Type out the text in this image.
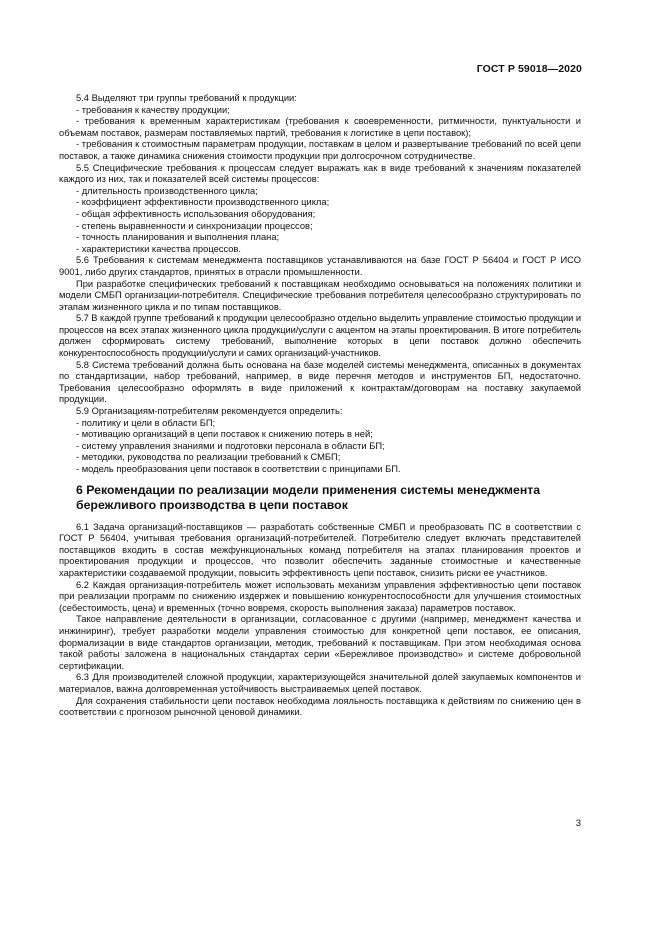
ГОСТ Р 59018—2020

5.4 Выделяют три группы требований к продукции:

- требования к качеству продукции;

- требования к временным характеристикам (требования к своевременности, ритмичности, пунктуальности и объемам поставок, размерам поставляемых партий, требования к логистике в цепи поставок);

- требования к стоимостным параметрам продукции, поставкам в целом и развертывание требований по всей цепи поставок, а также динамика снижения стоимости продукции при долгосрочном сотрудничестве.

5.5 Специфические требования к процессам следует выражать как в виде требований к значениям показателей каждого из них, так и показателей всей системы процессов:

- длительность производственного цикла;

- коэффициент эффективности производственного цикла;

- общая эффективность использования оборудования;

- степень выравненности и синхронизации процессов;

- точность планирования и выполнения плана;

- характеристики качества процессов.

5.6 Требования к системам менеджмента поставщиков устанавливаются на базе ГОСТ Р 56404 и ГОСТ Р ИСО 9001, либо других стандартов, принятых в отрасли промышленности.

При разработке специфических требований к поставщикам необходимо основываться на положениях политики и модели СМБП организации-потребителя. Специфические требования потребителя целесообразно структурировать по этапам жизненного цикла и по типам поставщиков.

5.7 В каждой группе требований к продукции целесообразно отдельно выделить управление стоимостью продукции и процессов на всех этапах жизненного цикла продукции/услуги с акцентом на этапы проектирования. В итоге потребитель должен сформировать систему требований, выполнение которых в цепи поставок должно обеспечить конкурентоспособность продукции/услуги и самих организаций-участников.

5.8 Система требований должна быть основана на базе моделей системы менеджмента, описанных в документах по стандартизации, набор требований, например, в виде перечня методов и инструментов БП, недостаточно. Требования целесообразно оформлять в виде приложений к контрактам/договорам на поставку закупаемой продукции.

5.9 Организациям-потребителям рекомендуется определить:

- политику и цели в области БП;

- мотивацию организаций в цепи поставок к снижению потерь в ней;

- систему управления знаниями и подготовки персонала в области БП;

- методики, руководства по реализации требований к СМБП;

- модель преобразования цепи поставок в соответствии с принципами БП.

6 Рекомендации по реализации модели применения системы менеджмента бережливого производства в цепи поставок

6.1 Задача организаций-поставщиков — разработать собственные СМБП и преобразовать ПС в соответствии с ГОСТ Р 56404, учитывая требования организаций-потребителей. Потребителю следует включать представителей поставщиков входить в состав межфункциональных команд потребителя на этапах планирования проектов и проектирования продукции и процессов, что позволит обеспечить заданные стоимостные и качественные характеристики создаваемой продукции, повысить эффективность цепи поставок, снизить риски ее участников.

6.2 Каждая организация-потребитель может использовать механизм управления эффективностью цепи поставок при реализации программ по снижению издержек и повышению конкурентоспособности для улучшения стоимостных (себестоимость, цена) и временных (точно вовремя, скорость выполнения заказа) параметров поставок.

Такое направление деятельности в организации, согласованное с другими (например, менеджмент качества и инжиниринг), требует разработки модели управления стоимостью для конкретной цепи поставок, ее описания, формализации в виде стандартов организации, методик, требований к поставщикам. При этом необходимая основа такой работы заложена в национальных стандартах серии «Бережливое производство» и системе добровольной сертификации.

6.3 Для производителей сложной продукции, характеризующейся значительной долей закупаемых компонентов и материалов, важна долговременная устойчивость выстраиваемых цепей поставок.

Для сохранения стабильности цепи поставок необходима лояльность поставщика к действиям по снижению цен в соответствии с прогнозом рыночной ценовой динамики.

3
